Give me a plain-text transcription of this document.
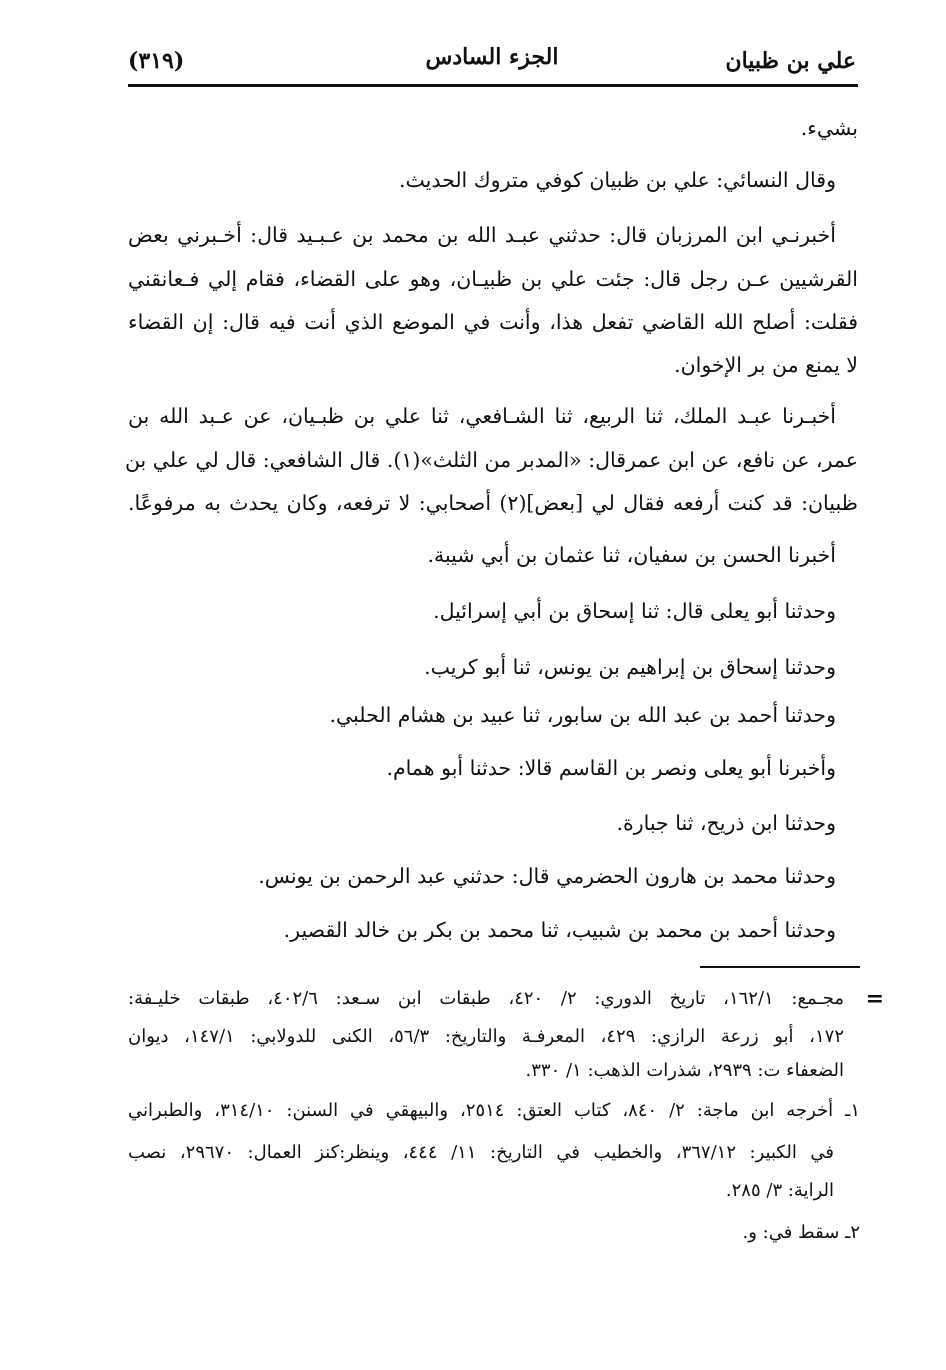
علي بن ظبيان
الجزء السادس
(٣١٩)
بشيء.
وقال النسائي: علي بن ظبيان كوفي متروك الحديث.
أخبرنـي ابن المرزبان قال: حدثني عبـد الله بن محمد بن عـبـيد قال: أخـبرني بعض
القرشيين عـن رجل قال: جئت علي بن ظبيـان، وهو على القضاء، فقام إلي فـعانقني
فقلت: أصلح الله القاضي تفعل هذا، وأنت في الموضع الذي أنت فيه قال: إن القضاء
لا يمنع من بر الإخوان.
أخبـرنا عبـد الملك، ثنا الربيع، ثنا الشـافعي، ثنا علي بن ظبـيان، عن عـبد الله بن
عمر، عن نافع، عن ابن عمرقال: «المدبر من الثلث»(١). قال الشافعي: قال لي علي بن
ظبيان: قد كنت أرفعه فقال لي [بعض](٢) أصحابي: لا ترفعه، وكان يحدث به مرفوعًا.
أخبرنا الحسن بن سفيان، ثنا عثمان بن أبي شيبة.
وحدثنا أبو يعلى قال: ثنا إسحاق بن أبي إسرائيل.
وحدثنا إسحاق بن إبراهيم بن يونس، ثنا أبو كريب.
وحدثنا أحمد بن عبد الله بن سابور، ثنا عبيد بن هشام الحلبي.
وأخبرنا أبو يعلى ونصر بن القاسم قالا: حدثنا أبو همام.
وحدثنا ابن ذريح، ثنا جبارة.
وحدثنا محمد بن هارون الحضرمي قال: حدثني عبد الرحمن بن يونس.
وحدثنا أحمد بن محمد بن شبيب، ثنا محمد بن بكر بن خالد القصير.
=
مجـمع: ١٦٢/١، تاريخ الدوري: ٢/ ٤٢٠، طبقات ابن سـعد: ٤٠٢/٦، طبقات خليـفة:
١٧٢، أبو زرعة الرازي: ٤٢٩، المعرفـة والتاريخ: ٥٦/٣، الكنى للدولابي: ١٤٧/١، ديوان
الضعفاء ت: ٢٩٣٩، شذرات الذهب: ١/ ٣٣٠.
١ـ أخرجه ابن ماجة: ٢/ ٨٤٠، كتاب العتق: ٢٥١٤، والبيهقي في السنن: ٣١٤/١٠، والطبراني
في الكبير: ٣٦٧/١٢، والخطيب في التاريخ: ١١/ ٤٤٤، وينظر:كنز العمال: ٢٩٦٧٠، نصب
الراية: ٣/ ٢٨٥.
٢ـ سقط في: و.
